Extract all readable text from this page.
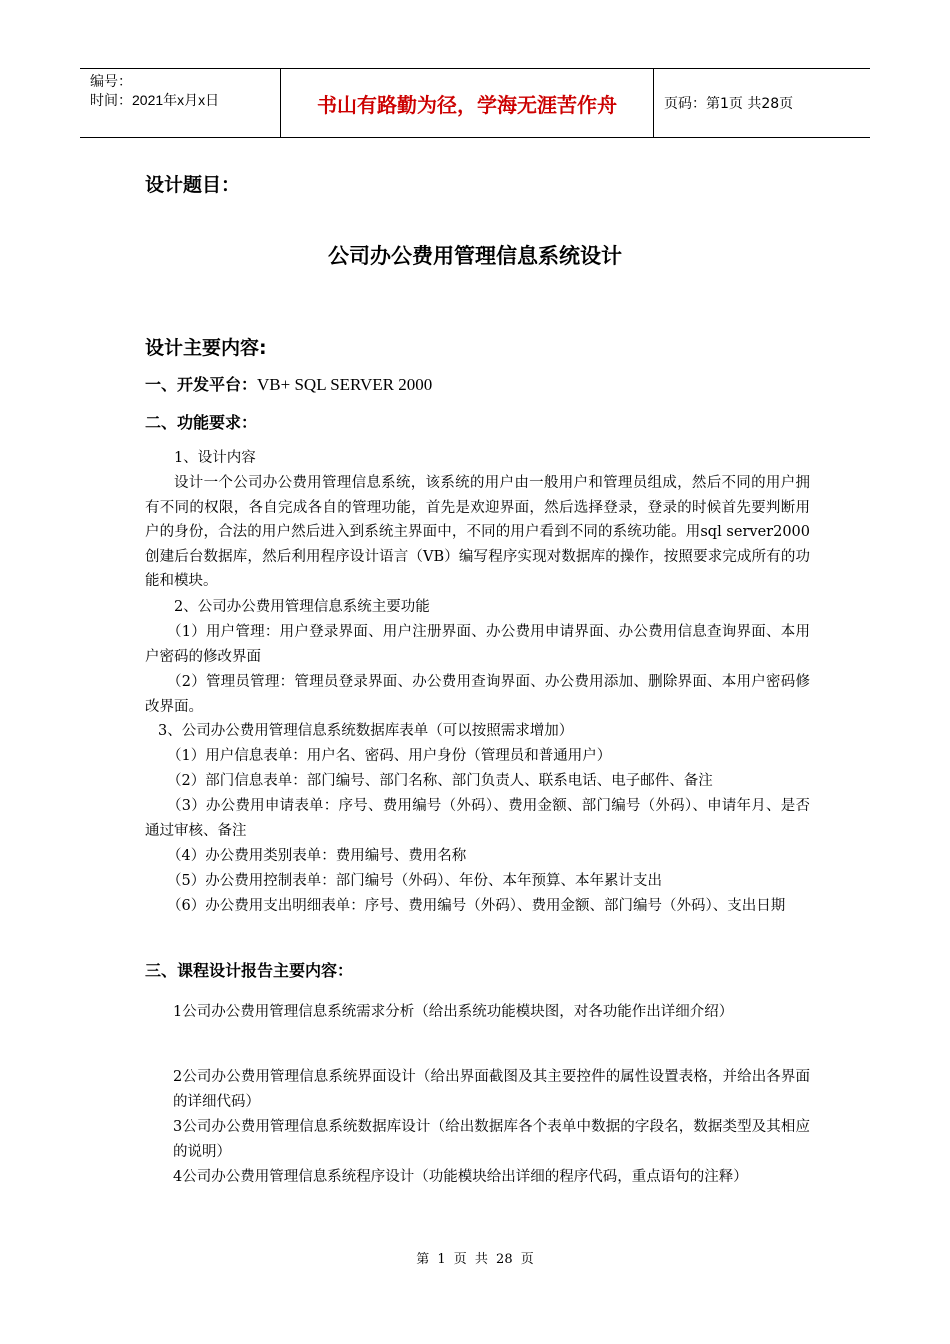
编号：
时间：2021年x月x日	书山有路勤为径，学海无涯苦作舟	页码：第1页 共28页
设计题目：
公司办公费用管理信息系统设计
设计主要内容:
一、开发平台：VB+ SQL SERVER 2000
二、功能要求：
1、设计内容
设计一个公司办公费用管理信息系统，该系统的用户由一般用户和管理员组成，然后不同的用户拥有不同的权限，各自完成各自的管理功能，首先是欢迎界面，然后选择登录，登录的时候首先要判断用户的身份，合法的用户然后进入到系统主界面中，不同的用户看到不同的系统功能。用sql server2000创建后台数据库，然后利用程序设计语言（VB）编写程序实现对数据库的操作，按照要求完成所有的功能和模块。
2、公司办公费用管理信息系统主要功能
（1）用户管理：用户登录界面、用户注册界面、办公费用申请界面、办公费用信息查询界面、本用户密码的修改界面
（2）管理员管理：管理员登录界面、办公费用查询界面、办公费用添加、删除界面、本用户密码修改界面。
3、公司办公费用管理信息系统数据库表单（可以按照需求增加）
（1）用户信息表单：用户名、密码、用户身份（管理员和普通用户）
（2）部门信息表单：部门编号、部门名称、部门负责人、联系电话、电子邮件、备注
（3）办公费用申请表单：序号、费用编号（外码）、费用金额、部门编号（外码）、申请年月、是否通过审核、备注
（4）办公费用类别表单：费用编号、费用名称
（5）办公费用控制表单：部门编号（外码）、年份、本年预算、本年累计支出
（6）办公费用支出明细表单：序号、费用编号（外码）、费用金额、部门编号（外码）、支出日期
三、课程设计报告主要内容：
1公司办公费用管理信息系统需求分析（给出系统功能模块图，对各功能作出详细介绍）
2公司办公费用管理信息系统界面设计（给出界面截图及其主要控件的属性设置表格，并给出各界面的详细代码）
3公司办公费用管理信息系统数据库设计（给出数据库各个表单中数据的字段名，数据类型及其相应的说明）
4公司办公费用管理信息系统程序设计（功能模块给出详细的程序代码，重点语句的注释）
第 1 页 共 28 页
